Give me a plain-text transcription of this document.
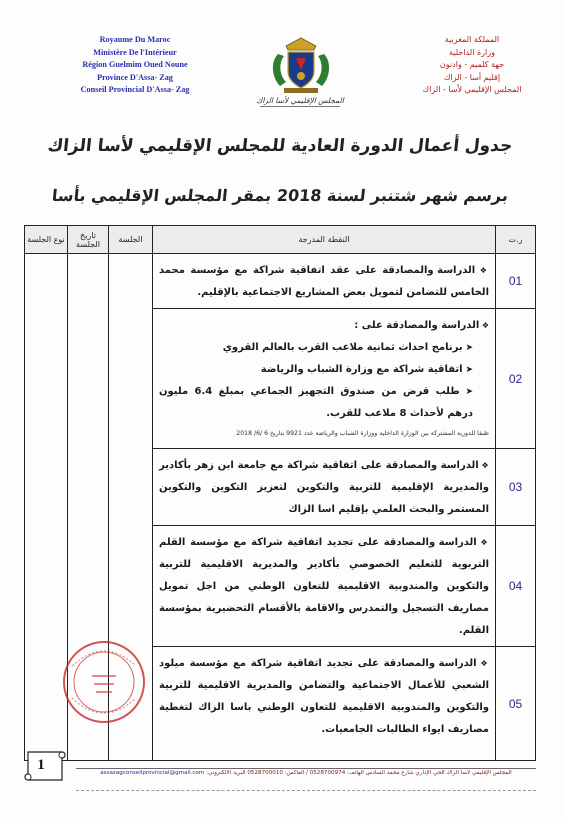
Royaume Du Maroc
Ministère De l'Intérieur
Région Guelmim Oued Noune
Province D'Assa- Zag
Conseil Provincial D'Assa- Zag
المجلس الإقليمي لأسا الزاك
المملكة المغربية
وزارة الداخلية
جهة كلميم - وادنون
إقليم أسا - الزاك
المجلس الإقليمي لأسا - الزاك
جدول أعمال الدورة العادية للمجلس الإقليمي لأسا الزاك
برسم شهر شتنبر لسنة 2018 بمقر المجلس الإقليمي بأسا
نوع الجلسة	تاريخ الجلسة	الجلسة	النقطة المدرجة	ر.ت

			❖ الدراسة والمصادقة على عقد اتفاقية شراكة مع مؤسسة محمد الخامس للتضامن لتمويل بعض المشاريع الاجتماعية بالإقليم.	01

			❖ الدراسة والمصادقة على :

➤ برنامج احداث ثمانية ملاعب القرب بالعالم القروي

➤ اتفاقية شراكة مع وزارة الشباب والرياضة

➤ طلب قرض من صندوق التجهيز الجماعي بمبلغ 6.4 مليون درهم لأحداث 8 ملاعب للقرب.

طبقا للدورية المشتركة بين الوزارة الداخلية ووزارة الشباب والرياضة عدد 9921 بتاريخ 6 /6/ 2018	02

			❖ الدراسة والمصادقة على اتفاقية شراكة مع جامعة ابن زهر بأكادير والمديرية الإقليمية للتربية والتكوين لتعزيز التكوين والتكوين المستمر والبحث العلمي بإقليم اسا الزاك	03

			❖ الدراسة والمصادقة على تجديد اتفاقية شراكة مع مؤسسة القلم التربوية للتعليم الخصوصي بأكادير والمديرية الاقليمية للتربية والتكوين والمندوبية الاقليمية للتعاون الوطني من اجل تمويل مصاريف التسجيل والتمدرس والاقامة بالأقسام التحضيرية بمؤسسة القلم.	04

			❖ الدراسة والمصادقة على تجديد اتفاقية شراكة مع مؤسسة ميلود الشعبي للأعمال الاجتماعية والتضامن والمديرية الاقليمية للتربية والتكوين والمندوبية الاقليمية للتعاون الوطني باسا الزاك لتغطية مصاريف ايواء الطالبات الجامعيات.	05
1	المجلس الإقليمي لأسا الزاك الحي الإداري شارع محمد السادس الهاتف: 0528700974 / الفاكس: 0528700010 البريد الالكتروني: assazagconseilprovincial@gmail.com
